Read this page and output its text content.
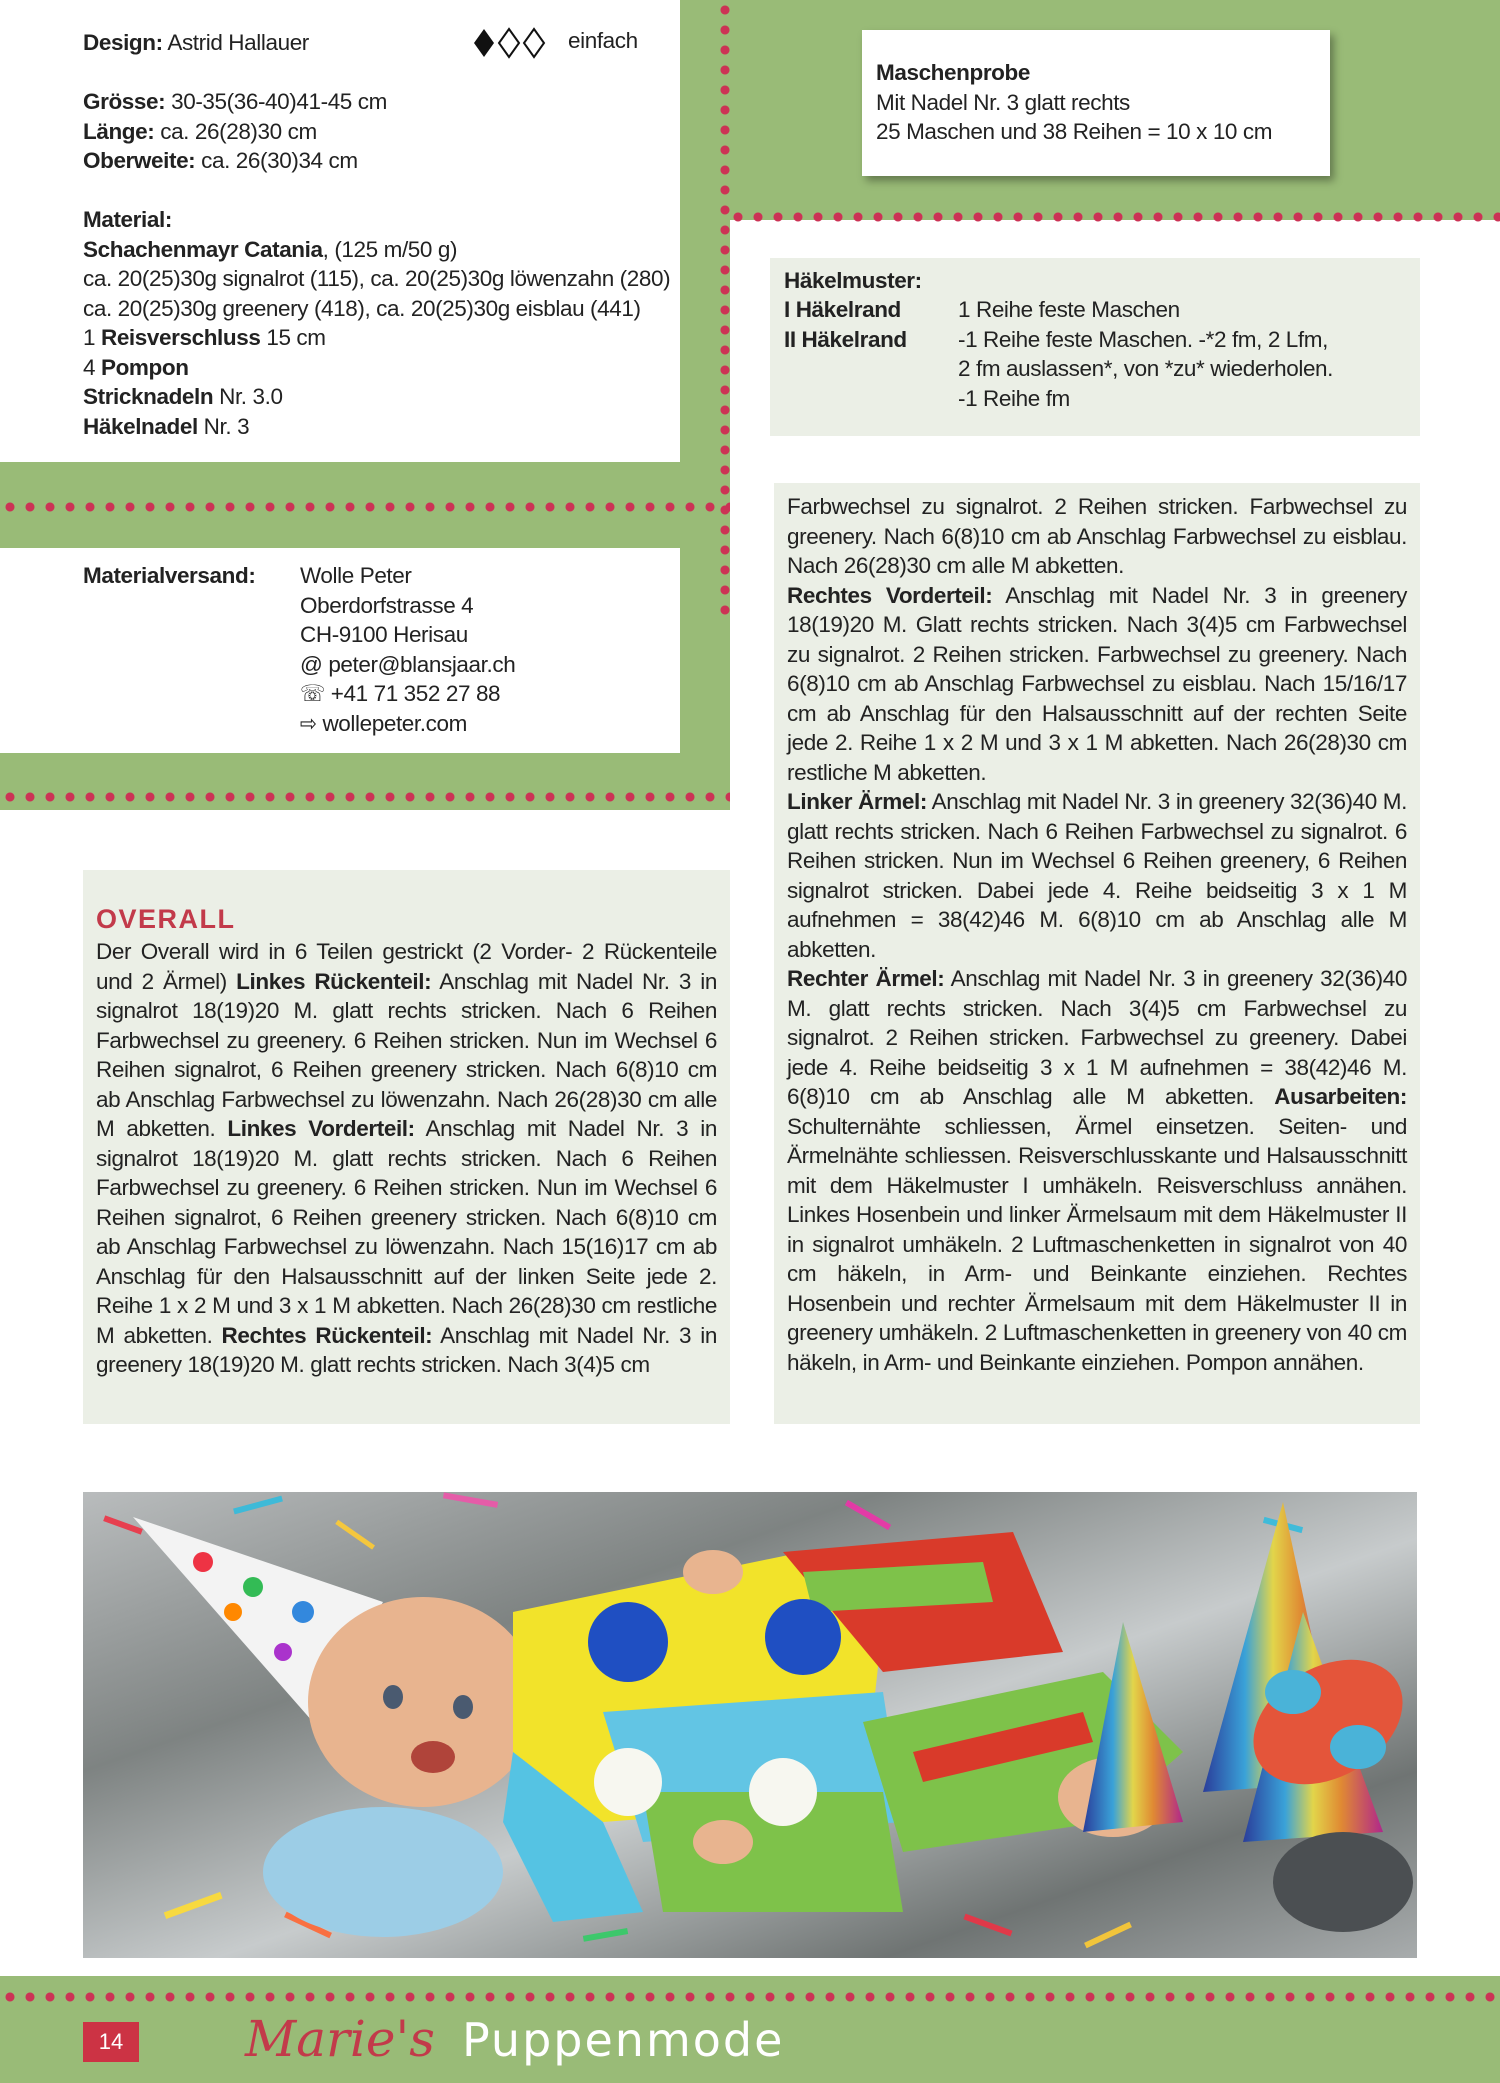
Design: Astrid Hallauer	einfach
Grösse: 30-35(36-40)41-45 cm
Länge: ca. 26(28)30 cm
Oberweite: ca. 26(30)34 cm
Material:
Schachenmayr Catania, (125 m/50 g)
ca. 20(25)30g signalrot (115), ca. 20(25)30g löwenzahn (280)
ca. 20(25)30g greenery (418), ca. 20(25)30g eisblau (441)
1 Reisverschluss 15 cm
4 Pompon
Stricknadeln Nr. 3.0
Häkelnadel Nr. 3
Materialversand: Wolle Peter
Oberdorfstrasse 4
CH-9100 Herisau
@ peter@blansjaar.ch
☏ +41 71 352 27 88
⇨ wollepeter.com
Maschenprobe
Mit Nadel Nr. 3 glatt rechts
25 Maschen und 38 Reihen = 10 x 10 cm
Häkelmuster:
I Häkelrand
II Häkelrand
1 Reihe feste Maschen
-1 Reihe feste Maschen. -*2 fm, 2 Lfm,
2 fm auslassen*, von *zu* wiederholen.
-1 Reihe fm
OVERALL

Der Overall wird in 6 Teilen gestrickt (2 Vorder- 2 Rückenteile und 2 Ärmel) Linkes Rückenteil: Anschlag mit Nadel Nr. 3 in signalrot 18(19)20 M. glatt rechts stricken. Nach 6 Reihen Farbwechsel zu greenery. 6 Reihen stricken. Nun im Wechsel 6 Reihen signalrot, 6 Reihen greenery stricken. Nach 6(8)10 cm ab Anschlag Farbwechsel zu löwenzahn. Nach 26(28)30 cm alle M abketten. Linkes Vorderteil: Anschlag mit Nadel Nr. 3 in signalrot 18(19)20 M. glatt rechts stricken. Nach 6 Reihen Farbwechsel zu greenery. 6 Reihen stricken. Nun im Wechsel 6 Reihen signalrot, 6 Reihen greenery stricken. Nach 6(8)10 cm ab Anschlag Farbwechsel zu löwenzahn. Nach 15(16)17 cm ab Anschlag für den Halsausschnitt auf der linken Seite jede 2. Reihe 1 x 2 M und 3 x 1 M abketten. Nach 26(28)30 cm restliche M abketten. Rechtes Rückenteil: Anschlag mit Nadel Nr. 3 in greenery 18(19)20 M. glatt rechts stricken. Nach 3(4)5 cm

Farbwechsel zu signalrot. 2 Reihen stricken. Farbwechsel zu greenery. Nach 6(8)10 cm ab Anschlag Farbwechsel zu eisblau. Nach 26(28)30 cm alle M abketten.
Rechtes Vorderteil: Anschlag mit Nadel Nr. 3 in greenery 18(19)20 M. Glatt rechts stricken. Nach 3(4)5 cm Farbwechsel zu signalrot. 2 Reihen stricken. Farbwechsel zu greenery. Nach 6(8)10 cm ab Anschlag Farbwechsel zu eisblau. Nach 15/16/17 cm ab Anschlag für den Halsausschnitt auf der rechten Seite jede 2. Reihe 1 x 2 M und 3 x 1 M abketten. Nach 26(28)30 cm restliche M abketten.
Linker Ärmel: Anschlag mit Nadel Nr. 3 in greenery 32(36)40 M. glatt rechts stricken. Nach 6 Reihen Farbwechsel zu signalrot. 6 Reihen stricken. Nun im Wechsel 6 Reihen greenery, 6 Reihen signalrot stricken. Dabei jede 4. Reihe beidseitig 3 x 1 M aufnehmen = 38(42)46 M. 6(8)10 cm ab Anschlag alle M abketten.
Rechter Ärmel: Anschlag mit Nadel Nr. 3 in greenery 32(36)40 M. glatt rechts stricken. Nach 3(4)5 cm Farbwechsel zu signalrot. 2 Reihen stricken. Farbwechsel zu greenery. Dabei jede 4. Reihe beidseitig 3 x 1 M aufnehmen = 38(42)46 M. 6(8)10 cm ab Anschlag alle M abketten. Ausarbeiten: Schulternähte schliessen, Ärmel einsetzen. Seiten- und Ärmelnähte schliessen. Reisverschlusskante und Halsausschnitt mit dem Häkelmuster I umhäkeln. Reisverschluss annähen. Linkes Hosenbein und linker Ärmelsaum mit dem Häkelmuster II in signalrot umhäkeln. 2 Luftmaschenketten in signalrot von 40 cm häkeln, in Arm- und Beinkante einziehen. Rechtes Hosenbein und rechter Ärmelsaum mit dem Häkelmuster II in greenery umhäkeln. 2 Luftmaschenketten in greenery von 40 cm häkeln, in Arm- und Beinkante einziehen. Pompon annähen.

14	Marie's Puppenmode
